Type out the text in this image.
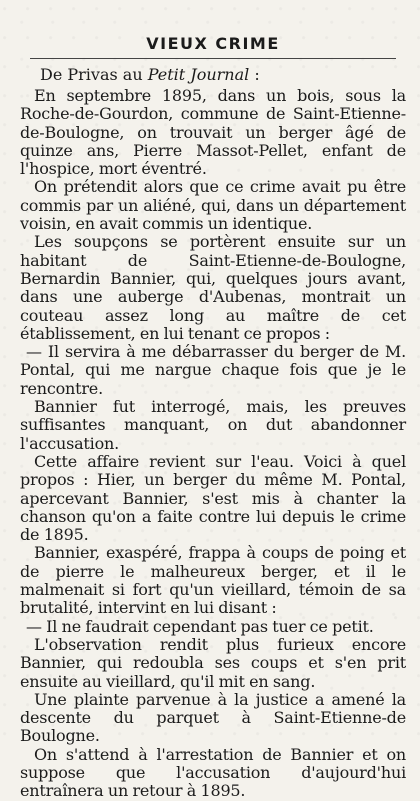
VIEUX CRIME
De Privas au Petit Journal :

En septembre 1895, dans un bois, sous la Roche-de-Gourdon, commune de Saint-Etienne-de-Boulogne, on trouvait un berger âgé de quinze ans, Pierre Massot-Pellet, enfant de l'hospice, mort éventré.

On prétendit alors que ce crime avait pu être commis par un aliéné, qui, dans un département voisin, en avait commis un identique.

Les soupçons se portèrent ensuite sur un habitant de Saint-Etienne-de-Boulogne, Bernardin Bannier, qui, quelques jours avant, dans une auberge d'Aubenas, montrait un couteau assez long au maître de cet établissement, en lui tenant ce propos :

— Il servira à me débarrasser du berger de M. Pontal, qui me nargue chaque fois que je le rencontre.

Bannier fut interrogé, mais, les preuves suffisantes manquant, on dut abandonner l'accusation.

Cette affaire revient sur l'eau. Voici à quel propos : Hier, un berger du même M. Pontal, apercevant Bannier, s'est mis à chanter la chanson qu'on a faite contre lui depuis le crime de 1895.

Bannier, exaspéré, frappa à coups de poing et de pierre le malheureux berger, et il le malmenait si fort qu'un vieillard, témoin de sa brutalité, intervint en lui disant :

— Il ne faudrait cependant pas tuer ce petit.

L'observation rendit plus furieux encore Bannier, qui redoubla ses coups et s'en prit ensuite au vieillard, qu'il mit en sang.

Une plainte parvenue à la justice a amené la descente du parquet à Saint-Etienne-de Boulogne.

On s'attend à l'arrestation de Bannier et on suppose que l'accusation d'aujourd'hui entraînera un retour à 1895.
